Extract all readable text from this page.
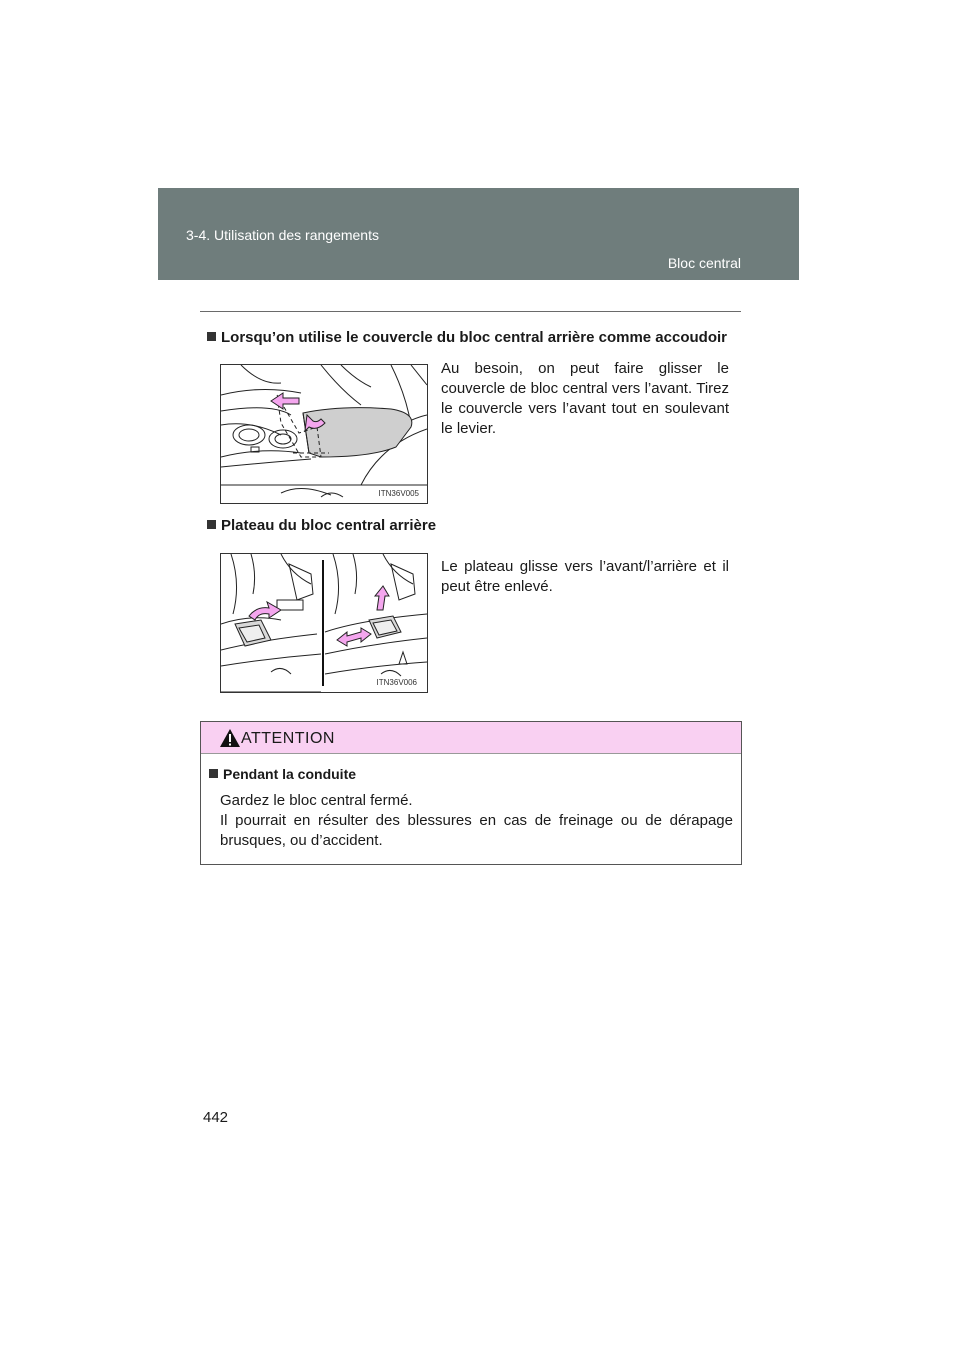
3-4. Utilisation des rangements
Bloc central
Lorsqu’on utilise le couvercle du bloc central arrière comme accoudoir
ITN36V005
Au besoin, on peut faire glisser le couvercle de bloc central vers l’avant. Tirez le couvercle vers l’avant tout en soulevant le levier.
Plateau du bloc central arrière
ITN36V006
Le plateau glisse vers l’avant/l’arrière et il peut être enlevé.
ATTENTION
Pendant la conduite

Gardez le bloc central fermé.

Il pourrait en résulter des blessures en cas de freinage ou de dérapage brusques, ou d’accident.

442
